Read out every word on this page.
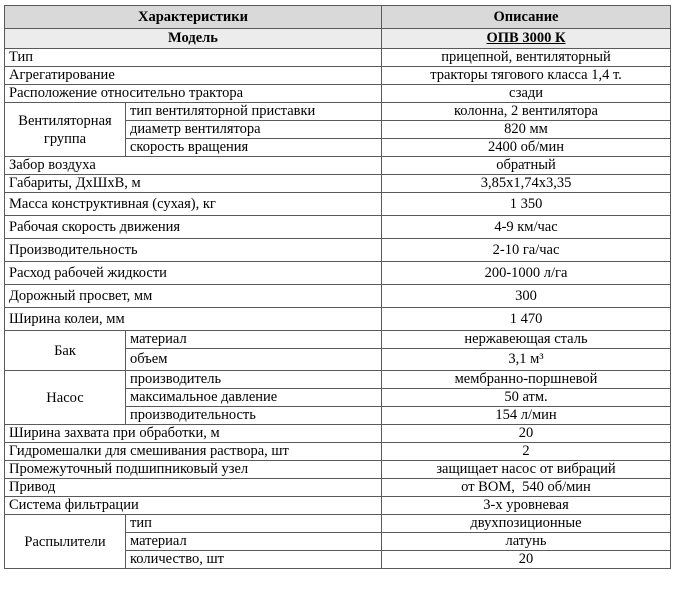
Характеристики		Описание
Модель		ОПВ 3000 К
Тип		прицепной, вентиляторный
Агрегатирование		тракторы тягового класса 1,4 т.
Расположение относительно трактора		сзади
Вентиляторная группа	тип вентиляторной приставки	колонна, 2 вентилятора
	диаметр вентилятора	820 мм
	скорость вращения	2400 об/мин
Забор воздуха		обратный
Габариты, ДхШхВ, м		3,85х1,74х3,35
Масса конструктивная (сухая), кг		1 350
Рабочая скорость движения		4-9 км/час
Производительность		2-10 га/час
Расход рабочей жидкости		200-1000 л/га
Дорожный просвет, мм		300
Ширина колеи, мм		1 470
Бак	материал	нержавеющая сталь
	объем	3,1 м³
Насос	производитель	мембранно-поршневой
	максимальное давление	50 атм.
	производительность	154 л/мин
Ширина захвата при обработки, м		20
Гидромешалки для смешивания раствора, шт		2
Промежуточный подшипниковый узел		защищает насос от вибраций
Привод		от ВОМ,  540 об/мин
Система фильтрации		3-х уровневая
Распылители	тип	двухпозиционные
	материал	латунь
	количество, шт	20
